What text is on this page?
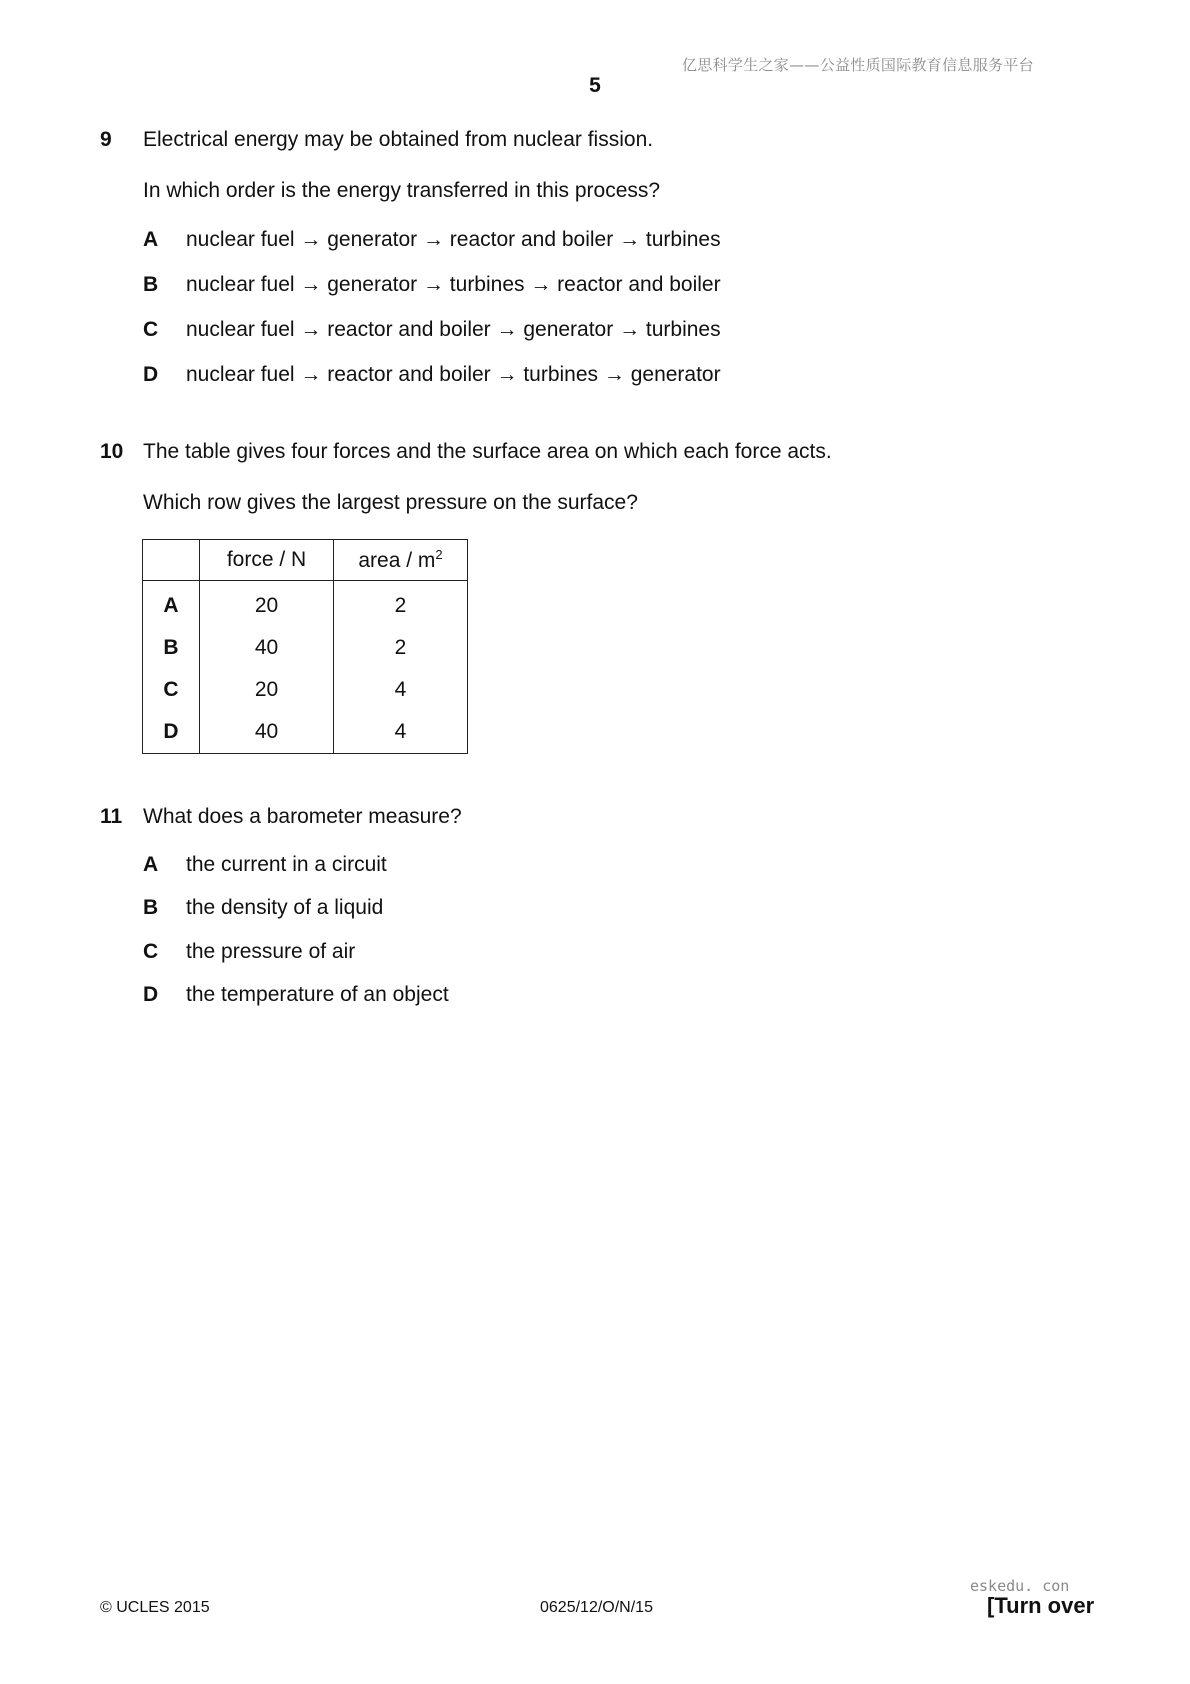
亿思科学生之家——公益性质国际教育信息服务平台
5
9 Electrical energy may be obtained from nuclear fission.
In which order is the energy transferred in this process?
A nuclear fuel → generator → reactor and boiler → turbines
B nuclear fuel → generator → turbines → reactor and boiler
C nuclear fuel → reactor and boiler → generator → turbines
D nuclear fuel → reactor and boiler → turbines → generator
10 The table gives four forces and the surface area on which each force acts.
Which row gives the largest pressure on the surface?
	force / N	area / $m^2$
A	20	2
B	40	2
C	20	4
D	40	4
11 What does a barometer measure?
A the current in a circuit
B the density of a liquid
C the pressure of air
D the temperature of an object
© UCLES 2015	0625/12/O/N/15
eskedu. con
[Turn over
